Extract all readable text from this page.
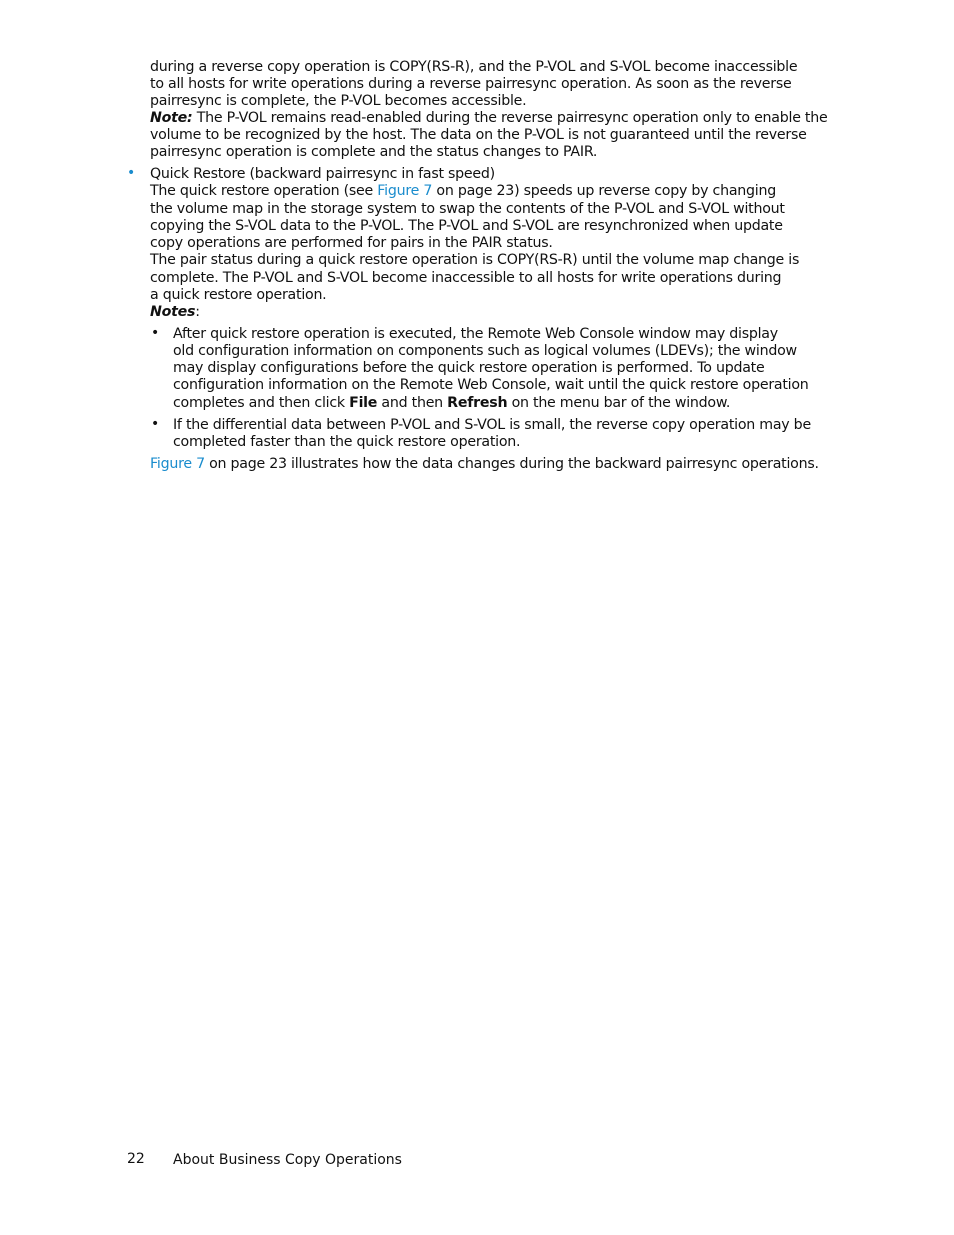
during a reverse copy operation is COPY(RS-R), and the P-VOL and S-VOL become inaccessible
to all hosts for write operations during a reverse pairresync operation. As soon as the reverse
pairresync is complete, the P-VOL becomes accessible.
Note: The P-VOL remains read-enabled during the reverse pairresync operation only to enable the
volume to be recognized by the host. The data on the P-VOL is not guaranteed until the reverse
pairresync operation is complete and the status changes to PAIR.
• Quick Restore (backward pairresync in fast speed)
The quick restore operation (see Figure 7 on page 23) speeds up reverse copy by changing
the volume map in the storage system to swap the contents of the P-VOL and S-VOL without
copying the S-VOL data to the P-VOL. The P-VOL and S-VOL are resynchronized when update
copy operations are performed for pairs in the PAIR status.
The pair status during a quick restore operation is COPY(RS-R) until the volume map change is
complete. The P-VOL and S-VOL become inaccessible to all hosts for write operations during
a quick restore operation.
Notes:
• After quick restore operation is executed, the Remote Web Console window may display
old configuration information on components such as logical volumes (LDEVs); the window
may display configurations before the quick restore operation is performed. To update
configuration information on the Remote Web Console, wait until the quick restore operation
completes and then click File and then Refresh on the menu bar of the window.
• If the differential data between P-VOL and S-VOL is small, the reverse copy operation may be
completed faster than the quick restore operation.
Figure 7 on page 23 illustrates how the data changes during the backward pairresync operations.
22 About Business Copy Operations
